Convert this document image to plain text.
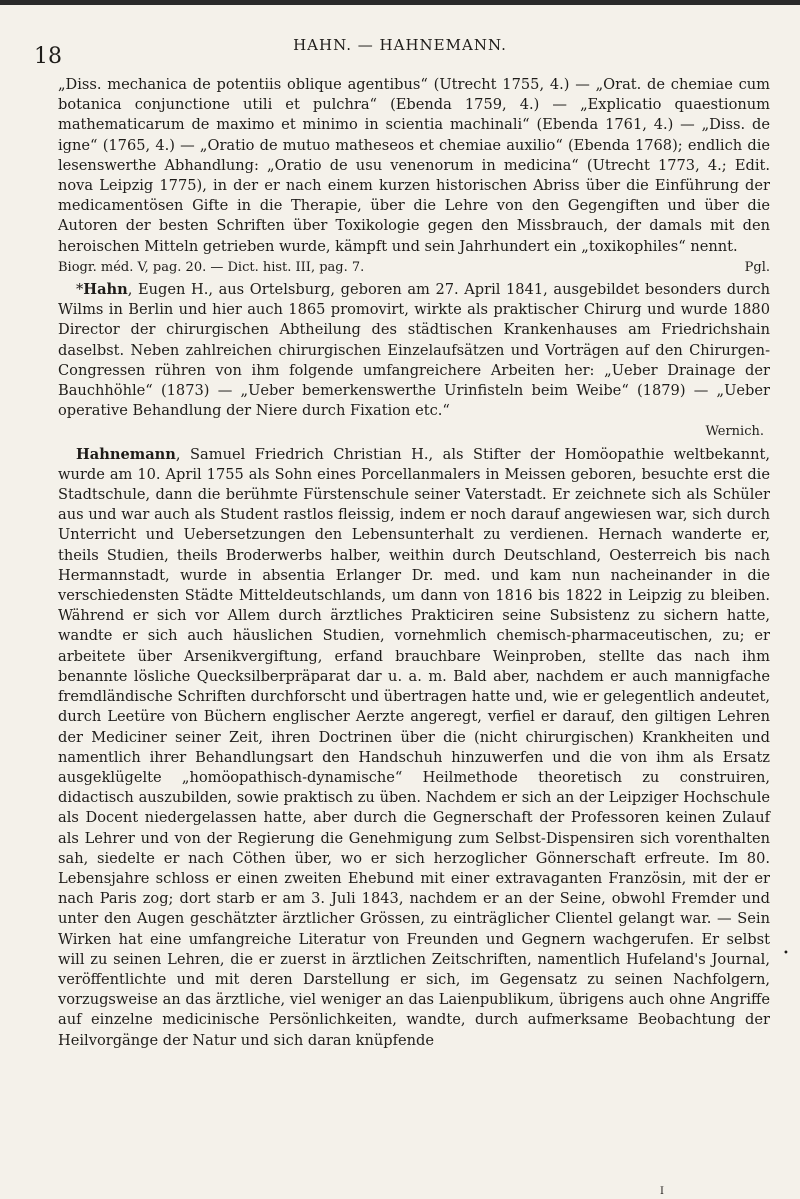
18	HAHN. — HAHNEMANN.

„Diss. mechanica de potentiis oblique agentibus“ (Utrecht 1755, 4.) — „Orat. de chemiae cum botanica conjunctione utili et pulchra“ (Ebenda 1759, 4.) — „Explicatio quaestionum mathematicarum de maximo et minimo in scientia machinali“ (Ebenda 1761, 4.) — „Diss. de igne“ (1765, 4.) — „Oratio de mutuo matheseos et chemiae auxilio“ (Ebenda 1768); endlich die lesenswerthe Abhandlung: „Oratio de usu venenorum in medicina“ (Utrecht 1773, 4.; Edit. nova Leipzig 1775), in der er nach einem kurzen historischen Abriss über die Einführung der medicamentösen Gifte in die Therapie, über die Lehre von den Gegengiften und über die Autoren der besten Schriften über Toxikologie gegen den Missbrauch, der damals mit den heroischen Mitteln getrieben wurde, kämpft und sein Jahrhundert ein „toxikophiles“ nennt.

Biogr. méd. V, pag. 20. — Dict. hist. III, pag. 7.	Pgl.

*Hahn, Eugen H., aus Ortelsburg, geboren am 27. April 1841, ausgebildet besonders durch Wilms in Berlin und hier auch 1865 promovirt, wirkte als praktischer Chirurg und wurde 1880 Director der chirurgischen Abtheilung des städtischen Krankenhauses am Friedrichshain daselbst. Neben zahlreichen chirurgischen Einzelaufsätzen und Vorträgen auf den Chirurgen-Congressen rühren von ihm folgende umfangreichere Arbeiten her: „Ueber Drainage der Bauchhöhle“ (1873) — „Ueber bemerkenswerthe Urinfisteln beim Weibe“ (1879) — „Ueber operative Behandlung der Niere durch Fixation etc.“

Wernich.

Hahnemann, Samuel Friedrich Christian H., als Stifter der Homöopathie weltbekannt, wurde am 10. April 1755 als Sohn eines Porcellanmalers in Meissen geboren, besuchte erst die Stadtschule, dann die berühmte Fürstenschule seiner Vaterstadt. Er zeichnete sich als Schüler aus und war auch als Student rastlos fleissig, indem er noch darauf angewiesen war, sich durch Unterricht und Uebersetzungen den Lebensunterhalt zu verdienen. Hernach wanderte er, theils Studien, theils Broderwerbs halber, weithin durch Deutschland, Oesterreich bis nach Hermannstadt, wurde in absentia Erlanger Dr. med. und kam nun nacheinander in die verschiedensten Städte Mitteldeutschlands, um dann von 1816 bis 1822 in Leipzig zu bleiben. Während er sich vor Allem durch ärztliches Prakticiren seine Subsistenz zu sichern hatte, wandte er sich auch häuslichen Studien, vornehmlich chemisch-pharmaceutischen, zu; er arbeitete über Arsenikvergiftung, erfand brauchbare Weinproben, stellte das nach ihm benannte lösliche Quecksilberpräparat dar u. a. m. Bald aber, nachdem er auch mannigfache fremdländische Schriften durchforscht und übertragen hatte und, wie er gelegentlich andeutet, durch Leetüre von Büchern englischer Aerzte angeregt, verfiel er darauf, den giltigen Lehren der Mediciner seiner Zeit, ihren Doctrinen über die (nicht chirurgischen) Krankheiten und namentlich ihrer Behandlungsart den Handschuh hinzuwerfen und die von ihm als Ersatz ausgeklügelte „homöopathisch-dynamische“ Heilmethode theoretisch zu construiren, didactisch auszubilden, sowie praktisch zu üben. Nachdem er sich an der Leipziger Hochschule als Docent niedergelassen hatte, aber durch die Gegnerschaft der Professoren keinen Zulauf als Lehrer und von der Regierung die Genehmigung zum Selbst-Dispensiren sich vorenthalten sah, siedelte er nach Cöthen über, wo er sich herzoglicher Gönnerschaft erfreute. Im 80. Lebensjahre schloss er einen zweiten Ehebund mit einer extravaganten Französin, mit der er nach Paris zog; dort starb er am 3. Juli 1843, nachdem er an der Seine, obwohl Fremder und unter den Augen geschätzter ärztlicher Grössen, zu einträglicher Clientel gelangt war. — Sein Wirken hat eine umfangreiche Literatur von Freunden und Gegnern wachgerufen. Er selbst will zu seinen Lehren, die er zuerst in ärztlichen Zeitschriften, namentlich Hufeland's Journal, veröffentlichte und mit deren Darstellung er sich, im Gegensatz zu seinen Nachfolgern, vorzugsweise an das ärztliche, viel weniger an das Laienpublikum, übrigens auch ohne Angriffe auf einzelne medicinische Persönlichkeiten, wandte, durch aufmerksame Beobachtung der Heilvorgänge der Natur und sich daran knüpfende

•
I
